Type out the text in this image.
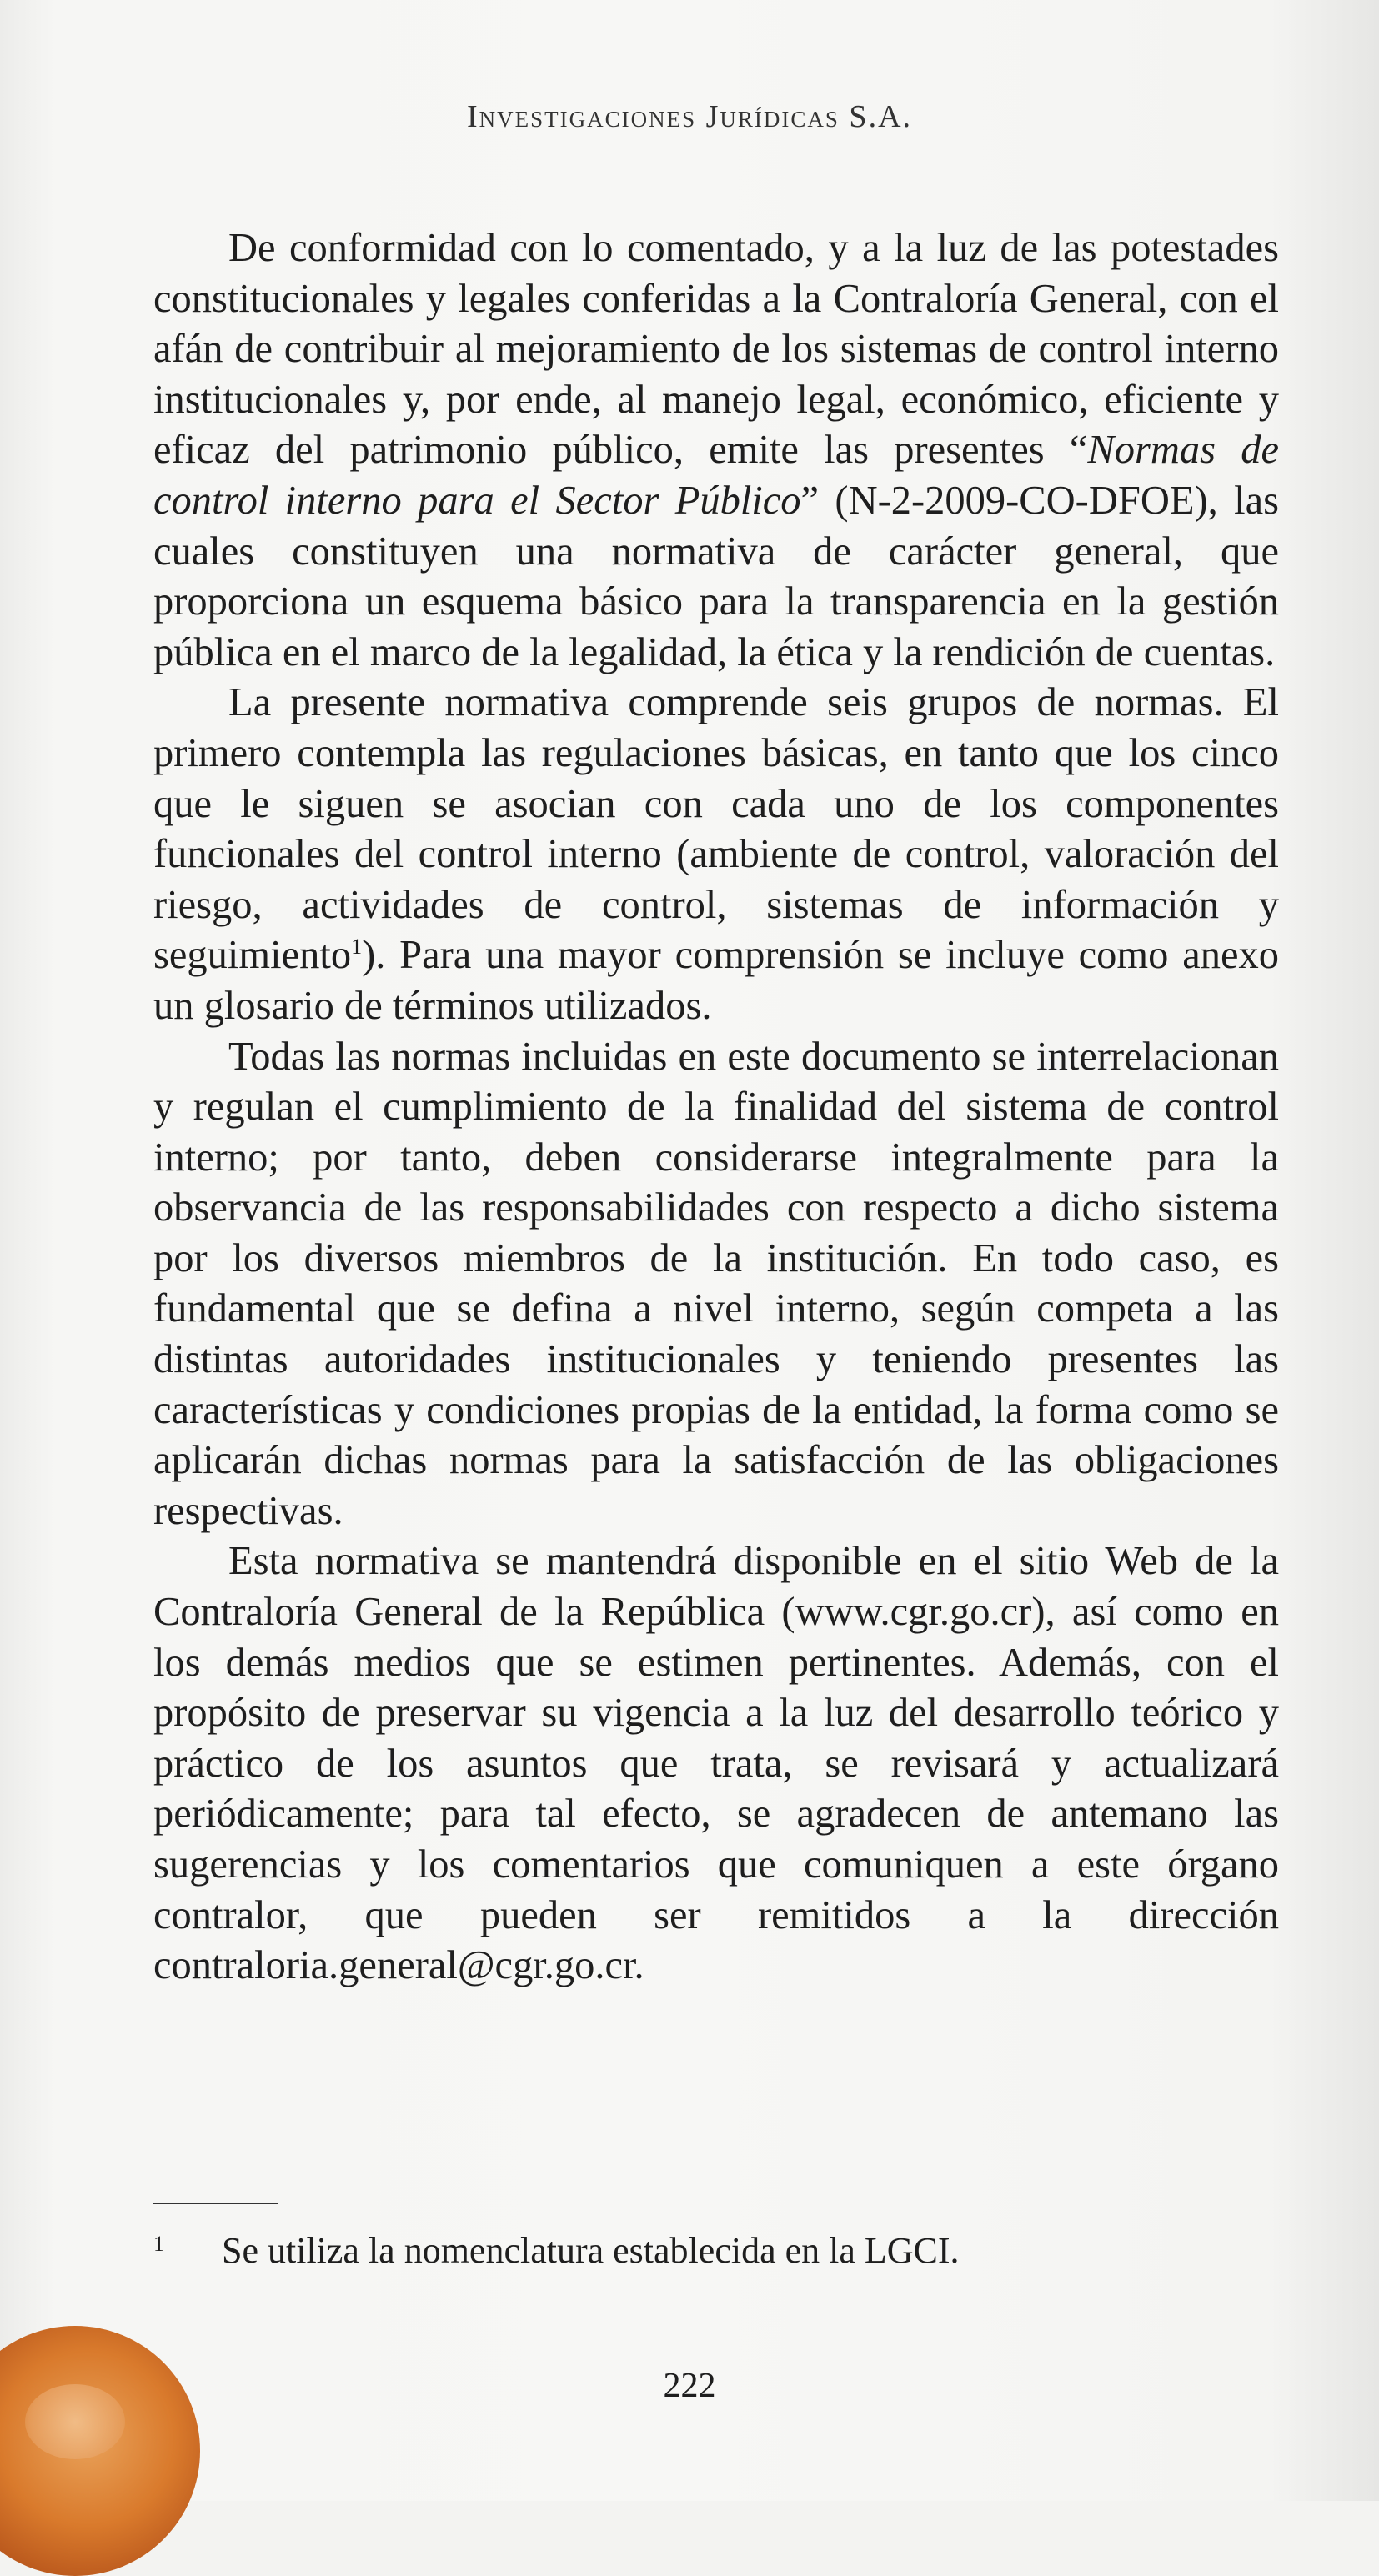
Investigaciones Jurídicas S.A.

De conformidad con lo comentado, y a la luz de las potestades constitucionales y legales conferidas a la Contraloría General, con el afán de contribuir al mejoramiento de los sistemas de control interno institucionales y, por ende, al manejo legal, económico, eficiente y eficaz del patrimonio público, emite las presentes “Normas de control interno para el Sector Público” (N-2-2009-CO-DFOE), las cuales constituyen una normativa de carácter general, que proporciona un esquema básico para la transparencia en la gestión pública en el marco de la legalidad, la ética y la rendición de cuentas.

La presente normativa comprende seis grupos de normas. El primero contempla las regulaciones básicas, en tanto que los cinco que le siguen se asocian con cada uno de los componentes funcionales del control interno (ambiente de control, valoración del riesgo, actividades de control, sistemas de información y seguimiento$^1$). Para una mayor comprensión se incluye como anexo un glosario de términos utilizados.

Todas las normas incluidas en este documento se interrelacionan y regulan el cumplimiento de la finalidad del sistema de control interno; por tanto, deben considerarse integralmente para la observancia de las responsabilidades con respecto a dicho sistema por los diversos miembros de la institución. En todo caso, es fundamental que se defina a nivel interno, según competa a las distintas autoridades institucionales y teniendo presentes las características y condiciones propias de la entidad, la forma como se aplicarán dichas normas para la satisfacción de las obligaciones respectivas.

Esta normativa se mantendrá disponible en el sitio Web de la Contraloría General de la República (www.cgr.go.cr), así como en los demás medios que se estimen pertinentes. Además, con el propósito de preservar su vigencia a la luz del desarrollo teórico y práctico de los asuntos que trata, se revisará y actualizará periódicamente; para tal efecto, se agradecen de antemano las sugerencias y los comentarios que comuniquen a este órgano contralor, que pueden ser remitidos a la dirección contraloria.general@cgr.go.cr.

1 Se utiliza la nomenclatura establecida en la LGCI.
222
